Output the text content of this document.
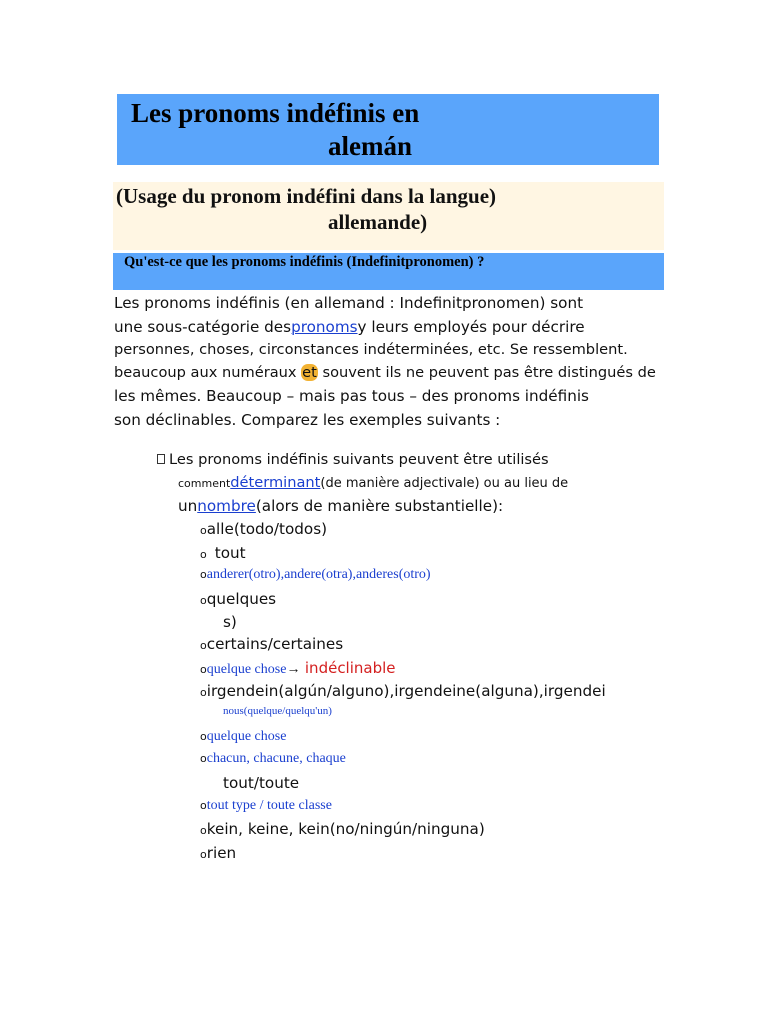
Les pronoms indéfinis en
alemán
(Usage du pronom indéfini dans la langue)
allemande)
Qu'est-ce que les pronoms indéfinis (Indefinitpronomen) ?
Les pronoms indéfinis (en allemand : Indefinitpronomen) sont
une sous-catégorie despronomsy leurs employés pour décrire
personnes, choses, circonstances indéterminées, etc. Se ressemblent.
beaucoup aux numéraux et souvent ils ne peuvent pas être distingués de
les mêmes. Beaucoup – mais pas tous – des pronoms indéfinis
son déclinables. Comparez les exemples suivants :
Les pronoms indéfinis suivants peuvent être utilisés
commentdéterminant(de manière adjectivale) ou au lieu de
unnombre(alors de manière substantielle):
oalle(todo/todos)
o tout
oanderer(otro),andere(otra),anderes(otro)
oquelques
s)
ocertains/certaines
oquelque chose→ indéclinable
oirgendein(algún/alguno),irgendeine(alguna),irgendei
nous(quelque/quelqu'un)
oquelque chose
ochacun, chacune, chaque
tout/toute
otout type / toute classe
okein, keine, kein(no/ningún/ninguna)
orien
